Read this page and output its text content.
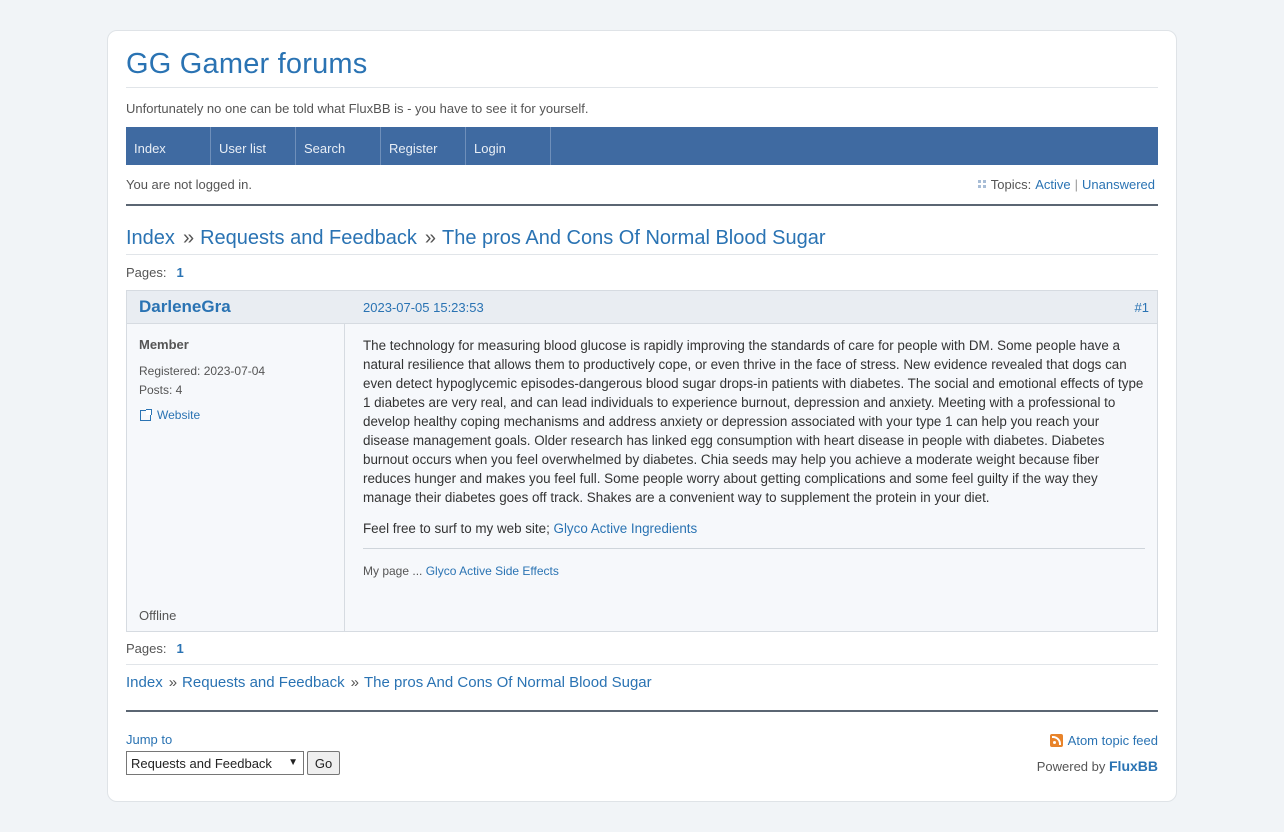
GG Gamer forums
Unfortunately no one can be told what FluxBB is - you have to see it for yourself.
Index	User list	Search	Register	Login
You are not logged in.	Topics: Active | Unanswered
Index » Requests and Feedback » The pros And Cons Of Normal Blood Sugar
Pages: 1
DarleneGra	2023-07-05 15:23:53	#1
Member
Registered: 2023-07-04
Posts: 4
Website
Offline

The technology for measuring blood glucose is rapidly improving the standards of care for people with DM. Some people have a natural resilience that allows them to productively cope, or even thrive in the face of stress. New evidence revealed that dogs can even detect hypoglycemic episodes-dangerous blood sugar drops-in patients with diabetes. The social and emotional effects of type 1 diabetes are very real, and can lead individuals to experience burnout, depression and anxiety. Meeting with a professional to develop healthy coping mechanisms and address anxiety or depression associated with your type 1 can help you reach your disease management goals. Older research has linked egg consumption with heart disease in people with diabetes. Diabetes burnout occurs when you feel overwhelmed by diabetes. Chia seeds may help you achieve a moderate weight because fiber reduces hunger and makes you feel full. Some people worry about getting complications and some feel guilty if the way they manage their diabetes goes off track. Shakes are a convenient way to supplement the protein in your diet.

Feel free to surf to my web site; Glyco Active Ingredients

My page ... Glyco Active Side Effects
Pages: 1
Index » Requests and Feedback » The pros And Cons Of Normal Blood Sugar
Jump to
Requests and Feedback ▼	Go
Atom topic feed
Powered by FluxBB
